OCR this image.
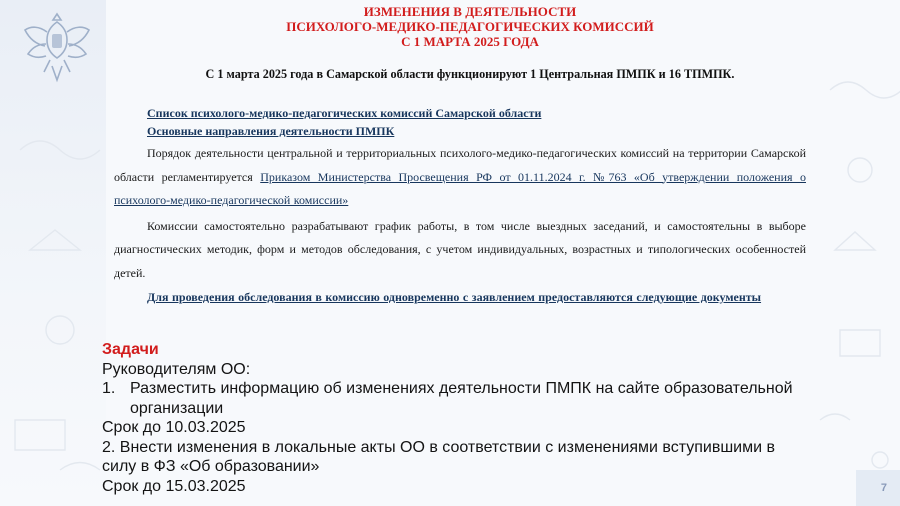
ИЗМЕНЕНИЯ В ДЕЯТЕЛЬНОСТИ
ПСИХОЛОГО-МЕДИКО-ПЕДАГОГИЧЕСКИХ КОМИССИЙ
С 1 МАРТА 2025 ГОДА
С 1 марта 2025 года в Самарской области функционируют 1 Центральная ПМПК и 16 ТПМПК.
Список психолого-медико-педагогических комиссий Самарской области
Основные направления деятельности ПМПК

Порядок деятельности центральной и территориальных психолого-медико-педагогических комиссий на территории Самарской области регламентируется Приказом Министерства Просвещения РФ от 01.11.2024 г. №763 «Об утверждении положения о психолого-медико-педагогической комиссии»

Комиссии самостоятельно разрабатывают график работы, в том числе выездных заседаний, и самостоятельны в выборе диагностических методик, форм и методов обследования, с учетом индивидуальных, возрастных и типологических особенностей детей.

Для проведения обследования в комиссию одновременно с заявлением предоставляются следующие документы

Задачи
Руководителям ОО:
1. Разместить информацию об изменениях деятельности ПМПК на сайте образовательной организации
Срок до 10.03.2025
2. Внести изменения в локальные акты ОО в соответствии с изменениями вступившими в силу в ФЗ «Об образовании»
Срок до 15.03.2025	7
